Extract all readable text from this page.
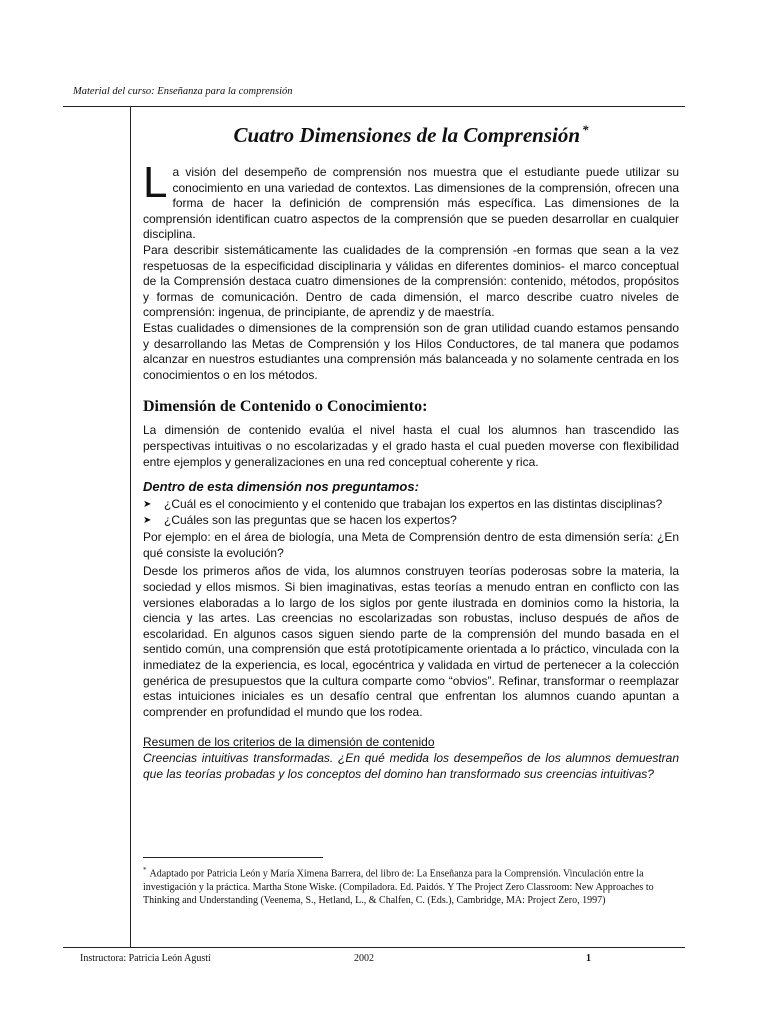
Material del curso: Enseñanza para la comprensión
Cuatro Dimensiones de la Comprensión *

La visión del desempeño de comprensión nos muestra que el estudiante puede utilizar su conocimiento en una variedad de contextos. Las dimensiones de la comprensión, ofrecen una forma de hacer la definición de comprensión más específica. Las dimensiones de la comprensión identifican cuatro aspectos de la comprensión que se pueden desarrollar en cualquier disciplina.

Para describir sistemáticamente las cualidades de la comprensión -en formas que sean a la vez respetuosas de la especificidad disciplinaria y válidas en diferentes dominios- el marco conceptual de la Comprensión destaca cuatro dimensiones de la comprensión: contenido, métodos, propósitos y formas de comunicación. Dentro de cada dimensión, el marco describe cuatro niveles de comprensión: ingenua, de principiante, de aprendiz y de maestría.

Estas cualidades o dimensiones de la comprensión son de gran utilidad cuando estamos pensando y desarrollando las Metas de Comprensión y los Hilos Conductores, de tal manera que podamos alcanzar en nuestros estudiantes una comprensión más balanceada y no solamente centrada en los conocimientos o en los métodos.

Dimensión de Contenido o Conocimiento:

La dimensión de contenido evalúa el nivel hasta el cual los alumnos han trascendido las perspectivas intuitivas o no escolarizadas y el grado hasta el cual pueden moverse con flexibilidad entre ejemplos y generalizaciones en una red conceptual coherente y rica.

Dentro de esta dimensión nos preguntamos:
➤ ¿Cuál es el conocimiento y el contenido que trabajan los expertos en las distintas disciplinas?
➤ ¿Cuáles son las preguntas que se hacen los expertos?

Por ejemplo: en el área de biología, una Meta de Comprensión dentro de esta dimensión sería: ¿En qué consiste la evolución?

Desde los primeros años de vida, los alumnos construyen teorías poderosas sobre la materia, la sociedad y ellos mismos. Si bien imaginativas, estas teorías a menudo entran en conflicto con las versiones elaboradas a lo largo de los siglos por gente ilustrada en dominios como la historia, la ciencia y las artes. Las creencias no escolarizadas son robustas, incluso después de años de escolaridad. En algunos casos siguen siendo parte de la comprensión del mundo basada en el sentido común, una comprensión que está prototípicamente orientada a lo práctico, vinculada con la inmediatez de la experiencia, es local, egocéntrica y validada en virtud de pertenecer a la colección genérica de presupuestos que la cultura comparte como “obvios”. Refinar, transformar o reemplazar estas intuiciones iniciales es un desafío central que enfrentan los alumnos cuando apuntan a comprender en profundidad el mundo que los rodea.

Resumen de los criterios de la dimensión de contenido

Creencias intuitivas transformadas. ¿En qué medida los desempeños de los alumnos demuestran que las teorías probadas y los conceptos del domino han transformado sus creencias intuitivas?

* Adaptado por Patricia León y María Ximena Barrera, del libro de: La Enseñanza para la Comprensión. Vinculación entre la investigación y la práctica. Martha Stone Wiske. (Compiladora. Ed. Paidós. Y The Project Zero Classroom: New Approaches to Thinking and Understanding (Veenema, S., Hetland, L., & Chalfen, C. (Eds.), Cambridge, MA: Project Zero, 1997)
Instructora: Patricia León Agustí	2002	1
